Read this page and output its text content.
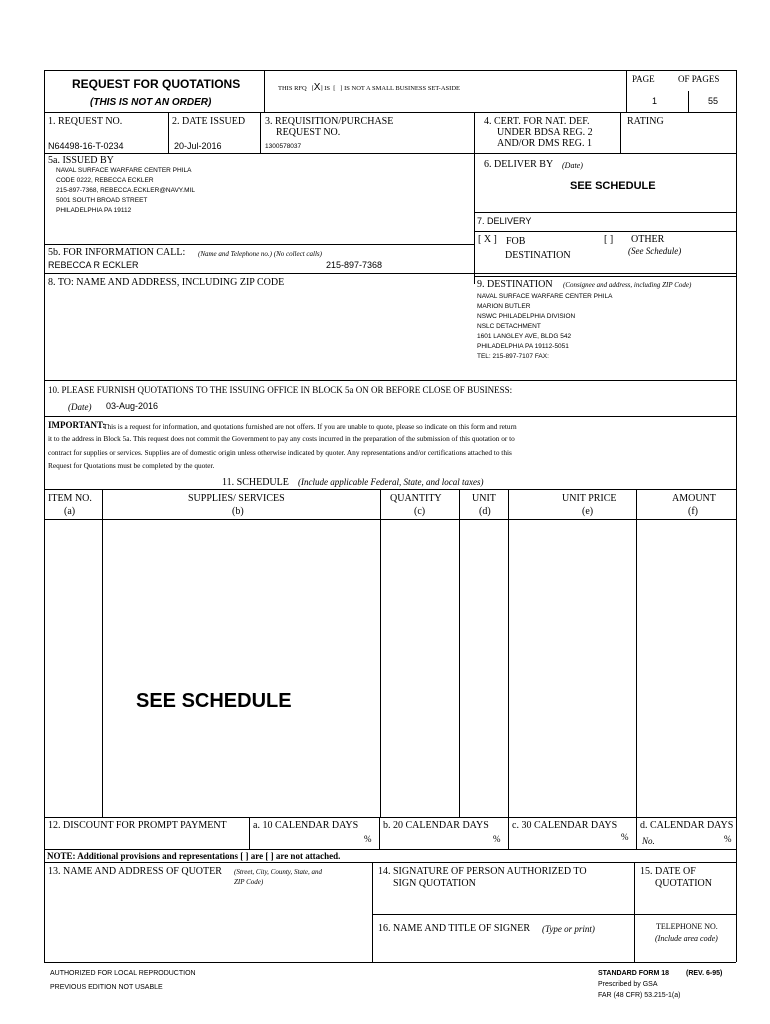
REQUEST FOR QUOTATIONS
(THIS IS NOT AN ORDER)
THIS RFQ   [X] IS  [   ] IS NOT A SMALL BUSINESS SET-ASIDE
PAGE	OF PAGES
1	55
1. REQUEST NO.
N64498-16-T-0234
2. DATE ISSUED
20-Jul-2016
3. REQUISITION/PURCHASE
REQUEST NO.
1300578037
4. CERT. FOR NAT. DEF.
UNDER BDSA REG. 2
AND/OR DMS REG. 1
RATING
5a. ISSUED BY
NAVAL SURFACE WARFARE CENTER PHILA
CODE 0222, REBECCA ECKLER
215-897-7368, REBECCA.ECKLER@NAVY.MIL
5001 SOUTH BROAD STREET
PHILADELPHIA PA 19112
6. DELIVER BY (Date)
SEE SCHEDULE
7. DELIVERY
[ X ] FOB
DESTINATION
[ ] OTHER
(See Schedule)
5b. FOR INFORMATION CALL: (Name and Telephone no.) (No collect calls)
REBECCA R ECKLER	215-897-7368
8. TO: NAME AND ADDRESS, INCLUDING ZIP CODE	9. DESTINATION (Consignee and address, including ZIP Code)
NAVAL SURFACE WARFARE CENTER PHILA
MARION BUTLER
NSWC PHILADELPHIA DIVISION
NSLC DETACHMENT
1601 LANGLEY AVE, BLDG 542
PHILADELPHIA PA 19112-5051
TEL: 215-897-7107 FAX:
10. PLEASE FURNISH QUOTATIONS TO THE ISSUING OFFICE IN BLOCK 5a ON OR BEFORE CLOSE OF BUSINESS:
(Date) 03-Aug-2016
IMPORTANT:
This is a request for information, and quotations furnished are not offers. If you are unable to quote, please so indicate on this form and return
it to the address in Block 5a. This request does not commit the Government to pay any costs incurred in the preparation of the submission of this quotation or to
contract for supplies or services. Supplies are of domestic origin unless otherwise indicated by quoter. Any representations and/or certifications attached to this
Request for Quotations must be completed by the quoter.
11. SCHEDULE (Include applicable Federal, State, and local taxes)
ITEM NO.
(a)
SUPPLIES/ SERVICES
(b)
QUANTITY
(c)
UNIT
(d)
UNIT PRICE
(e)
AMOUNT
(f)
SEE SCHEDULE
12. DISCOUNT FOR PROMPT PAYMENT	a. 10 CALENDAR DAYS
%
b. 20 CALENDAR DAYS
%
c. 30 CALENDAR DAYS
%
d. CALENDAR DAYS
No.	%
NOTE: Additional provisions and representations [ ] are [ ] are not attached.
13. NAME AND ADDRESS OF QUOTER (Street, City, County, State, and
ZIP Code)
14. SIGNATURE OF PERSON AUTHORIZED TO
SIGN QUOTATION
15. DATE OF
QUOTATION
16. NAME AND TITLE OF SIGNER (Type or print)	TELEPHONE NO.
(Include area code)
AUTHORIZED FOR LOCAL REPRODUCTION
PREVIOUS EDITION NOT USABLE
STANDARD FORM 18 (REV. 6-95)
Prescribed by GSA
FAR (48 CFR) 53.215-1(a)
